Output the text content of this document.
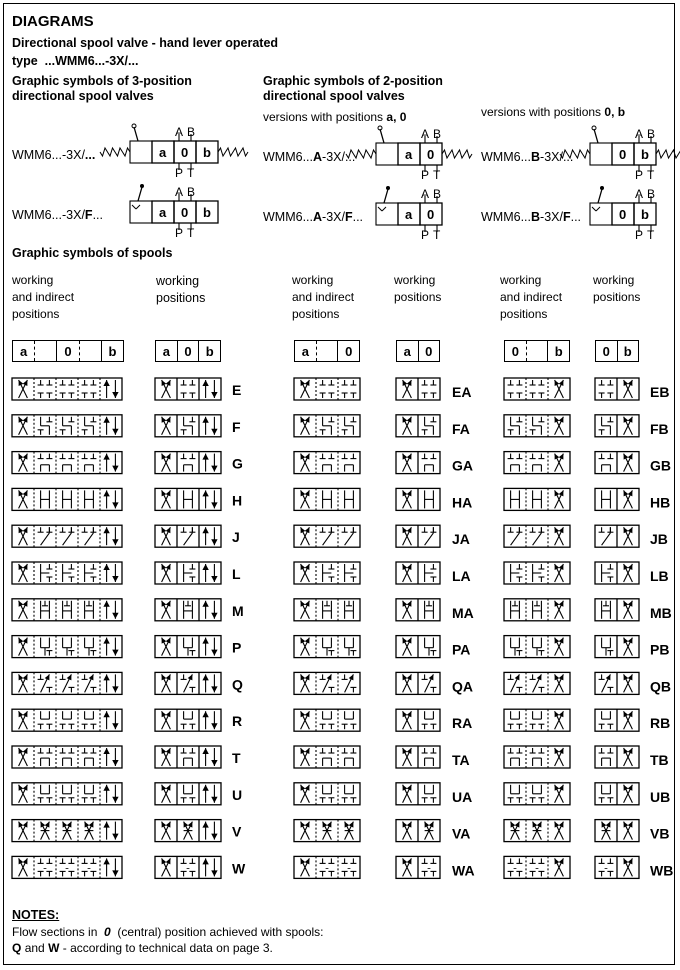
DIAGRAMS
Directional spool valve - hand lever operated
type ...WMM6...-3X/...
Graphic symbols of 3-position
directional spool valves
Graphic symbols of 2-position
directional spool valves
versions with positions a, 0	versions with positions 0, b
WMM6...-3X/...
WMM6...-3X/F...
WMM6...A-3X/...
WMM6...A-3X/F...
WMM6...B-3X/...
WMM6...B-3X/F...
a 0 b
A B
P T
a 0 b
A B
P T
a 0
A B
P T
a 0
A B
P T
0 b
A B
P T
0 b
A B
P T
Graphic symbols of spools
working
and indirect
positions
working
positions
working
and indirect
positions
working
positions
working
and indirect
positions
working
positions
a	0	b	a	0	b	a	0	a	0	0	b	0	b
E	EA	EB
F	FA	FB
G	GA	GB
H	HA	HB
J	JA	JB
L	LA	LB
M	MA	MB
P	PA	PB
Q	QA	QB
R	RA	RB
T	TA	TB
U	UA	UB
V	VA	VB
W	WA	WB
NOTES:
Flow sections in 0 (central) position achieved with spools:
Q and W - according to technical data on page 3.
